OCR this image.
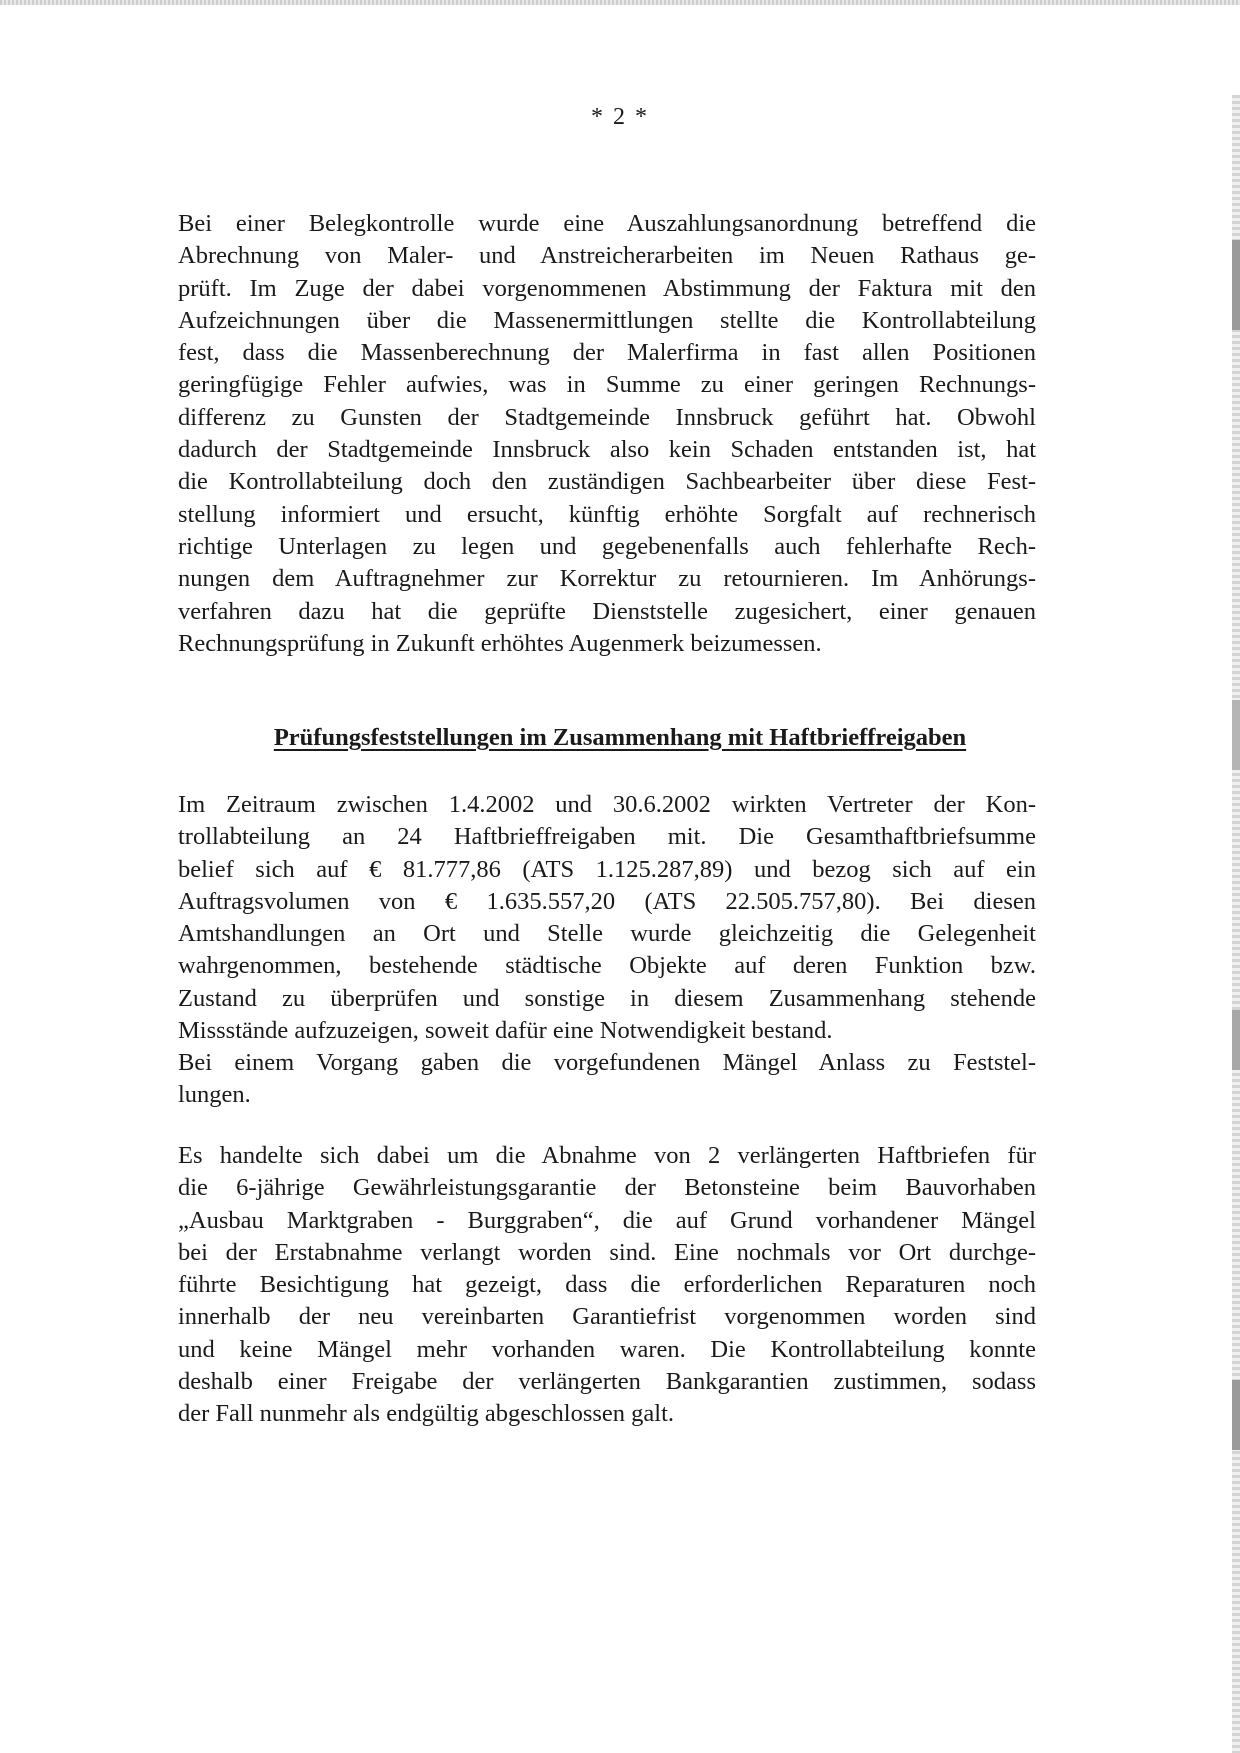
* 2 *
Bei einer Belegkontrolle wurde eine Auszahlungsanordnung betreffend die
Abrechnung von Maler- und Anstreicherarbeiten im Neuen Rathaus ge-
prüft. Im Zuge der dabei vorgenommenen Abstimmung der Faktura mit den
Aufzeichnungen über die Massenermittlungen stellte die Kontrollabteilung
fest, dass die Massenberechnung der Malerfirma in fast allen Positionen
geringfügige Fehler aufwies, was in Summe zu einer geringen Rechnungs-
differenz zu Gunsten der Stadtgemeinde Innsbruck geführt hat. Obwohl
dadurch der Stadtgemeinde Innsbruck also kein Schaden entstanden ist, hat
die Kontrollabteilung doch den zuständigen Sachbearbeiter über diese Fest-
stellung informiert und ersucht, künftig erhöhte Sorgfalt auf rechnerisch
richtige Unterlagen zu legen und gegebenenfalls auch fehlerhafte Rech-
nungen dem Auftragnehmer zur Korrektur zu retournieren. Im Anhörungs-
verfahren dazu hat die geprüfte Dienststelle zugesichert, einer genauen
Rechnungsprüfung in Zukunft erhöhtes Augenmerk beizumessen.
Prüfungsfeststellungen im Zusammenhang mit Haftbrieffreigaben
Im Zeitraum zwischen 1.4.2002 und 30.6.2002 wirkten Vertreter der Kon-
trollabteilung an 24 Haftbrieffreigaben mit. Die Gesamthaftbriefsumme
belief sich auf € 81.777,86 (ATS 1.125.287,89) und bezog sich auf ein
Auftragsvolumen von € 1.635.557,20 (ATS 22.505.757,80). Bei diesen
Amtshandlungen an Ort und Stelle wurde gleichzeitig die Gelegenheit
wahrgenommen, bestehende städtische Objekte auf deren Funktion bzw.
Zustand zu überprüfen und sonstige in diesem Zusammenhang stehende
Missstände aufzuzeigen, soweit dafür eine Notwendigkeit bestand.
Bei einem Vorgang gaben die vorgefundenen Mängel Anlass zu Feststel-
lungen.
Es handelte sich dabei um die Abnahme von 2 verlängerten Haftbriefen für
die 6-jährige Gewährleistungsgarantie der Betonsteine beim Bauvorhaben
„Ausbau Marktgraben - Burggraben“, die auf Grund vorhandener Mängel
bei der Erstabnahme verlangt worden sind. Eine nochmals vor Ort durchge-
führte Besichtigung hat gezeigt, dass die erforderlichen Reparaturen noch
innerhalb der neu vereinbarten Garantiefrist vorgenommen worden sind
und keine Mängel mehr vorhanden waren. Die Kontrollabteilung konnte
deshalb einer Freigabe der verlängerten Bankgarantien zustimmen, sodass
der Fall nunmehr als endgültig abgeschlossen galt.
